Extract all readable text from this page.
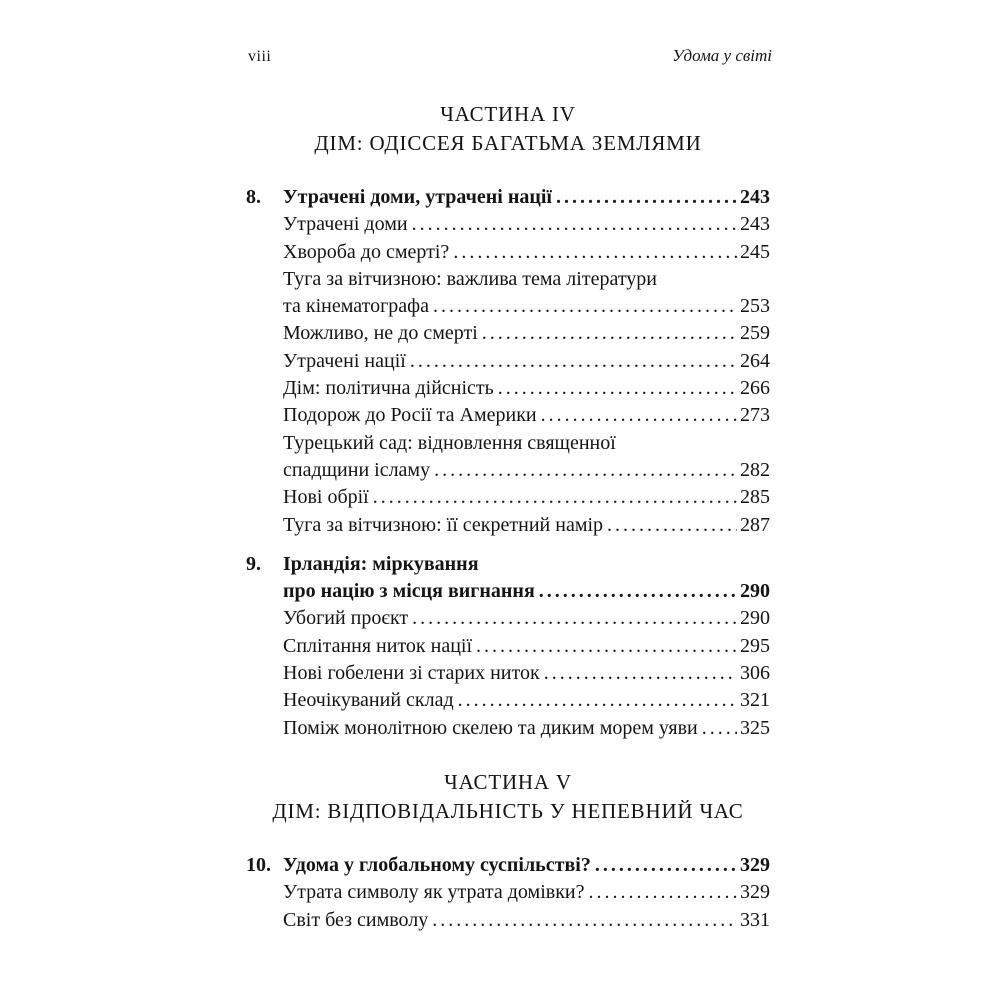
viii	Удома у світі
ЧАСТИНА IV
ДІМ: ОДІССЕЯ БАГАТЬМА ЗЕМЛЯМИ
8.	Утрачені доми, утрачені нації .....	243
Утрачені доми .....	243
Хвороба до смерті? .....	245
Туга за вітчизною: важлива тема літератури
та кінематографа .....	253
Можливо, не до смерті .....	259
Утрачені нації .....	264
Дім: політична дійсність .....	266
Подорож до Росії та Америки .....	273
Турецький сад: відновлення священної
спадщини ісламу .....	282
Нові обрії .....	285
Туга за вітчизною: її секретний намір .....	287
9.	Ірландія: міркування
про націю з місця вигнання .....	290
Убогий проєкт .....	290
Сплітання ниток нації .....	295
Нові гобелени зі старих ниток .....	306
Неочікуваний склад .....	321
Поміж монолітною скелею та диким морем уяви ..... 325
ЧАСТИНА V
ДІМ: ВІДПОВІДАЛЬНІСТЬ У НЕПЕВНИЙ ЧАС
10. Удома у глобальному суспільстві? .....	329
Утрата символу як утрата домівки? .....	329
Світ без символу .....	331
